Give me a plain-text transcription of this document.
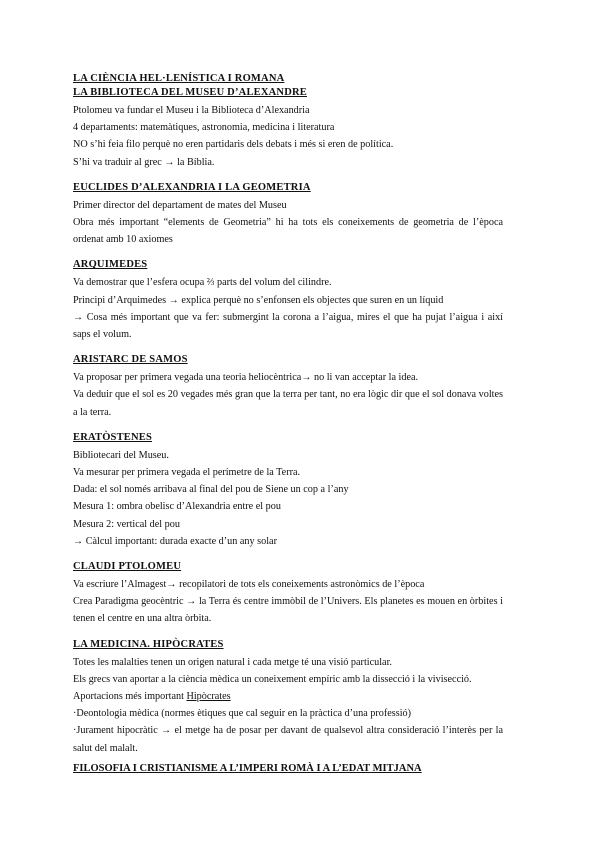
LA CIÈNCIA HEL·LENÍSTICA I ROMANA
LA BIBLIOTECA DEL MUSEU D’ALEXANDRE
Ptolomeu va fundar el Museu i la Biblioteca d’Alexandria
4 departaments: matemàtiques, astronomia, medicina i literatura
NO s’hi feia filo perquè no eren partidaris dels debats i més si eren de política.
S’hi va traduir al grec → la Bíblia.
EUCLIDES D’ALEXANDRIA I LA GEOMETRIA
Primer director del departament de mates del Museu
Obra més important “elements de Geometria” hi ha tots els coneixements de geometria de l’època ordenat amb 10 axiomes
ARQUIMEDES
Va demostrar que l’esfera ocupa ⅔ parts del volum del cilindre.
Principi d’Arquimedes → explica perquè no s’enfonsen els objectes que suren en un líquid
→ Cosa més important que va fer: submergint la corona a l’aigua, mires el que ha pujat l’aigua i així saps el volum.
ARISTARC DE SAMOS
Va proposar per primera vegada una teoria heliocèntrica→ no li van acceptar la idea.
Va deduir que el sol es 20 vegades més gran que la terra per tant, no era lògic dir que el sol donava voltes a la terra.
ERATÒSTENES
Bibliotecari del Museu.
Va mesurar per primera vegada el perímetre de la Terra.
Dada: el sol només arribava al final del pou de Siene un cop a l’any
Mesura 1: ombra obelisc d’Alexandria entre el pou
Mesura 2: vertical del pou
→ Càlcul important: durada exacte d’un any solar
CLAUDI PTOLOMEU
Va escriure l’Almagest→ recopilatori de tots els coneixements astronòmics de l’època
Crea Paradigma geocèntric → la Terra és centre immòbil de l’Univers. Els planetes es mouen en òrbites i tenen el centre en una altra òrbita.
LA MEDICINA. HIPÒCRATES
Totes les malalties tenen un origen natural i cada metge té una visió particular.
Els grecs van aportar a la ciència mèdica un coneixement empíric amb la dissecció i la vivisecció.
Aportacions més important Hipòcrates
·Deontologia mèdica (normes ètiques que cal seguir en la pràctica d’una professió)
·Jurament hipocràtic → el metge ha de posar per davant de qualsevol altra consideració l’interès per la salut del malalt.
FILOSOFIA I CRISTIANISME A L’IMPERI ROMÀ I A L’EDAT MITJANA
